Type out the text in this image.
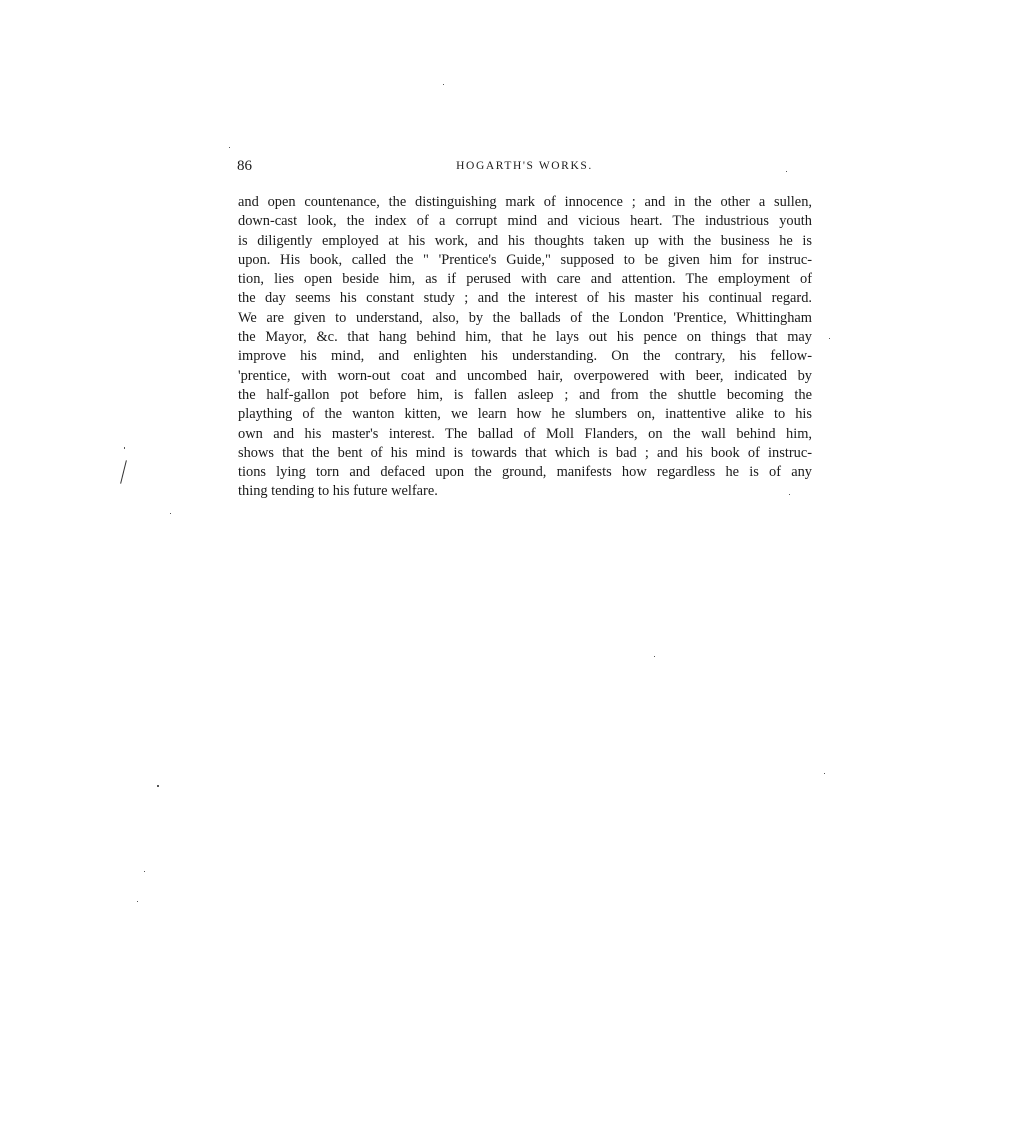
86	HOGARTH'S WORKS.
and open countenance, the distinguishing mark of innocence ; and in the other a sullen,
down-cast look, the index of a corrupt mind and vicious heart. The industrious youth
is diligently employed at his work, and his thoughts taken up with the business he is
upon. His book, called the " 'Prentice's Guide," supposed to be given him for instruc-
tion, lies open beside him, as if perused with care and attention. The employment of
the day seems his constant study ; and the interest of his master his continual regard.
We are given to understand, also, by the ballads of the London 'Prentice, Whittingham
the Mayor, &c. that hang behind him, that he lays out his pence on things that may
improve his mind, and enlighten his understanding. On the contrary, his fellow-
'prentice, with worn-out coat and uncombed hair, overpowered with beer, indicated by
the half-gallon pot before him, is fallen asleep ; and from the shuttle becoming the
plaything of the wanton kitten, we learn how he slumbers on, inattentive alike to his
own and his master's interest. The ballad of Moll Flanders, on the wall behind him,
shows that the bent of his mind is towards that which is bad ; and his book of instruc-
tions lying torn and defaced upon the ground, manifests how regardless he is of any
thing tending to his future welfare.
